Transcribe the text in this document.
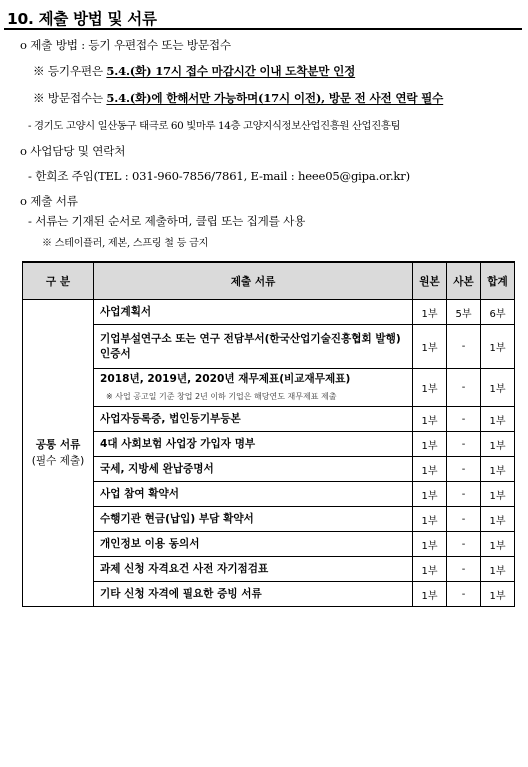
10. 제출 방법 및 서류
o 제출 방법 : 등기 우편접수 또는 방문접수
※ 등기우편은 5.4.(화) 17시 접수 마감시간 이내 도착분만 인정
※ 방문접수는 5.4.(화)에 한해서만 가능하며(17시 이전), 방문 전 사전 연락 필수
- 경기도 고양시 일산동구 태극로 60 빛마루 14층 고양지식정보산업진흥원 산업진흥팀
o 사업담당 및 연락처
- 한희조 주임(TEL : 031-960-7856/7861, E-mail : heee05@gipa.or.kr)
o 제출 서류
- 서류는 기재된 순서로 제출하며, 클립 또는 집게를 사용
※ 스테이플러, 제본, 스프링 철 등 금지
구 분	제출 서류	원본	사본	합계
공통 서류
(필수 제출)	사업계획서	1부	5부	6부
	기업부설연구소 또는 연구 전담부서(한국산업기술진흥협회 발행) 인증서	1부	-	1부
	2018년, 2019년, 2020년 재무제표(비교재무제표)
※ 사업 공고일 기준 창업 2년 이하 기업은 해당연도 재무제표 제출	1부	-	1부
	사업자등록증, 법인등기부등본	1부	-	1부
	4대 사회보험 사업장 가입자 명부	1부	-	1부
	국세, 지방세 완납증명서	1부	-	1부
	사업 참여 확약서	1부	-	1부
	수행기관 현금(납입) 부담 확약서	1부	-	1부
	개인정보 이용 동의서	1부	-	1부
	과제 신청 자격요건 사전 자기점검표	1부	-	1부
	기타 신청 자격에 필요한 증빙 서류	1부	-	1부
